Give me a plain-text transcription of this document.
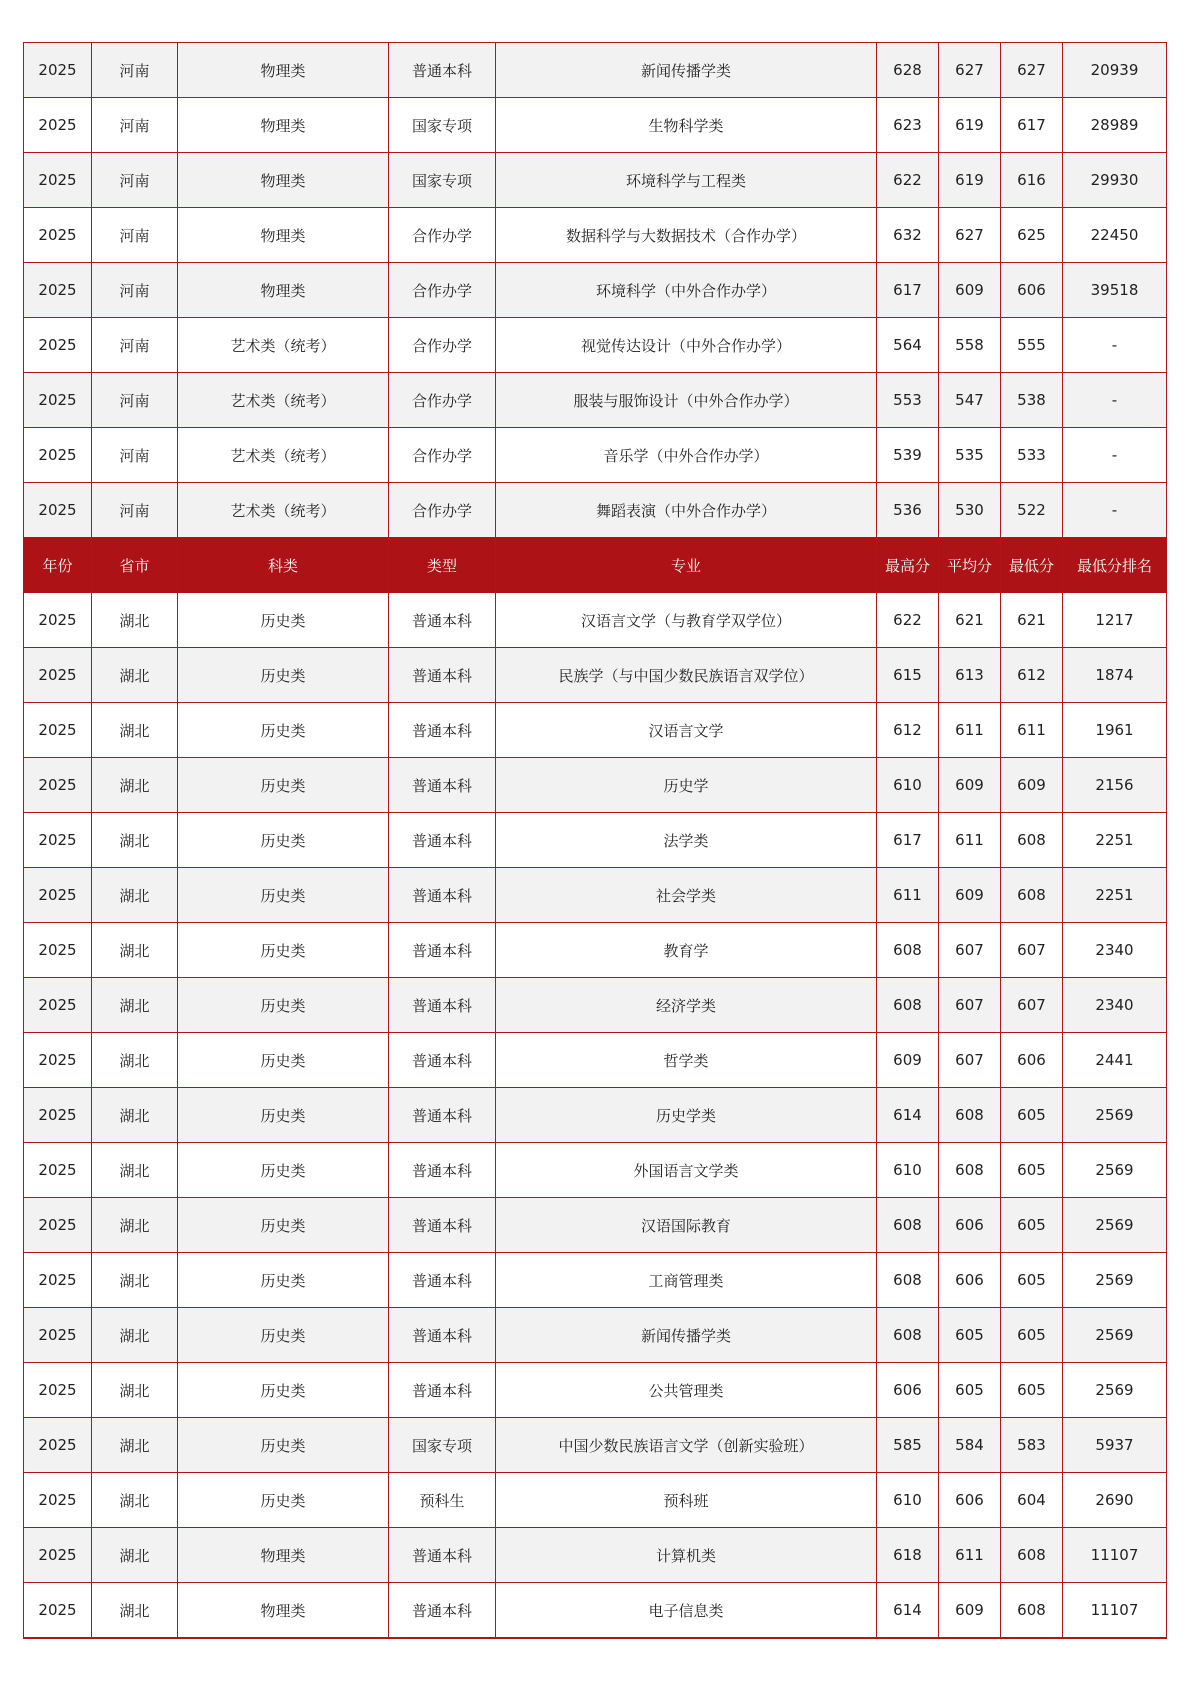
2025	河南	物理类	普通本科	新闻传播学类	628	627	627	20939
2025	河南	物理类	国家专项	生物科学类	623	619	617	28989
2025	河南	物理类	国家专项	环境科学与工程类	622	619	616	29930
2025	河南	物理类	合作办学	数据科学与大数据技术（合作办学）	632	627	625	22450
2025	河南	物理类	合作办学	环境科学（中外合作办学）	617	609	606	39518
2025	河南	艺术类（统考）	合作办学	视觉传达设计（中外合作办学）	564	558	555	-
2025	河南	艺术类（统考）	合作办学	服装与服饰设计（中外合作办学）	553	547	538	-
2025	河南	艺术类（统考）	合作办学	音乐学（中外合作办学）	539	535	533	-
2025	河南	艺术类（统考）	合作办学	舞蹈表演（中外合作办学）	536	530	522	-
年份	省市	科类	类型	专业	最高分	平均分	最低分	最低分排名
2025	湖北	历史类	普通本科	汉语言文学（与教育学双学位）	622	621	621	1217
2025	湖北	历史类	普通本科	民族学（与中国少数民族语言双学位）	615	613	612	1874
2025	湖北	历史类	普通本科	汉语言文学	612	611	611	1961
2025	湖北	历史类	普通本科	历史学	610	609	609	2156
2025	湖北	历史类	普通本科	法学类	617	611	608	2251
2025	湖北	历史类	普通本科	社会学类	611	609	608	2251
2025	湖北	历史类	普通本科	教育学	608	607	607	2340
2025	湖北	历史类	普通本科	经济学类	608	607	607	2340
2025	湖北	历史类	普通本科	哲学类	609	607	606	2441
2025	湖北	历史类	普通本科	历史学类	614	608	605	2569
2025	湖北	历史类	普通本科	外国语言文学类	610	608	605	2569
2025	湖北	历史类	普通本科	汉语国际教育	608	606	605	2569
2025	湖北	历史类	普通本科	工商管理类	608	606	605	2569
2025	湖北	历史类	普通本科	新闻传播学类	608	605	605	2569
2025	湖北	历史类	普通本科	公共管理类	606	605	605	2569
2025	湖北	历史类	国家专项	中国少数民族语言文学（创新实验班）	585	584	583	5937
2025	湖北	历史类	预科生	预科班	610	606	604	2690
2025	湖北	物理类	普通本科	计算机类	618	611	608	11107
2025	湖北	物理类	普通本科	电子信息类	614	609	608	11107
